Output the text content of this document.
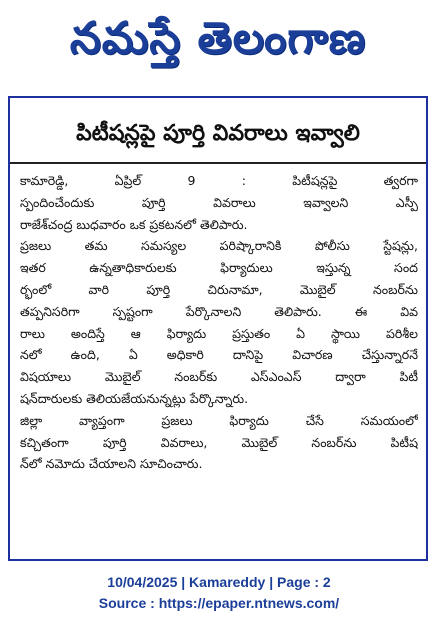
నమస్తే తెలంగాణ
పిటీషన్లపై పూర్తి వివరాలు ఇవ్వాలి
కామారెడ్డి, ఏప్రిల్ 9 : పిటీషన్లపై త్వరగా
స్పందించేందుకు పూర్తి వివరాలు ఇవ్వాలని ఎస్పీ
రాజేశ్‌చంద్ర బుధవారం ఒక ప్రకటనలో తెలిపారు.
ప్రజలు తమ సమస్యల పరిష్కారానికి పోలీసు స్టేషన్లు,
ఇతర ఉన్నతాధికారులకు ఫిర్యాదులు ఇస్తున్న సంద
ర్భంలో వారి పూర్తి చిరునామా, మొబైల్ నంబర్‌ను
తప్పనిసరిగా స్పష్టంగా పేర్కొనాలని తెలిపారు. ఈ వివ
రాలు అందిస్తే ఆ ఫిర్యాదు ప్రస్తుతం ఏ స్థాయి పరిశీల
నలో ఉంది, ఏ అధికారి దానిపై విచారణ చేస్తున్నారనే
విషయాలు మొబైల్ నంబర్‌కు ఎస్ఎంఎస్ ద్వారా పిటీ
షన్‌దారులకు తెలియజేయనున్నట్లు పేర్కొన్నారు.
జిల్లా వ్యాప్తంగా ప్రజలు ఫిర్యాదు చేసే సమయంలో
కచ్చితంగా పూర్తి వివరాలు, మొబైల్ నంబర్‌ను పిటీష
న్‌లో నమోదు చేయాలని సూచించారు.
10/04/2025 | Kamareddy | Page : 2
Source : https://epaper.ntnews.com/
